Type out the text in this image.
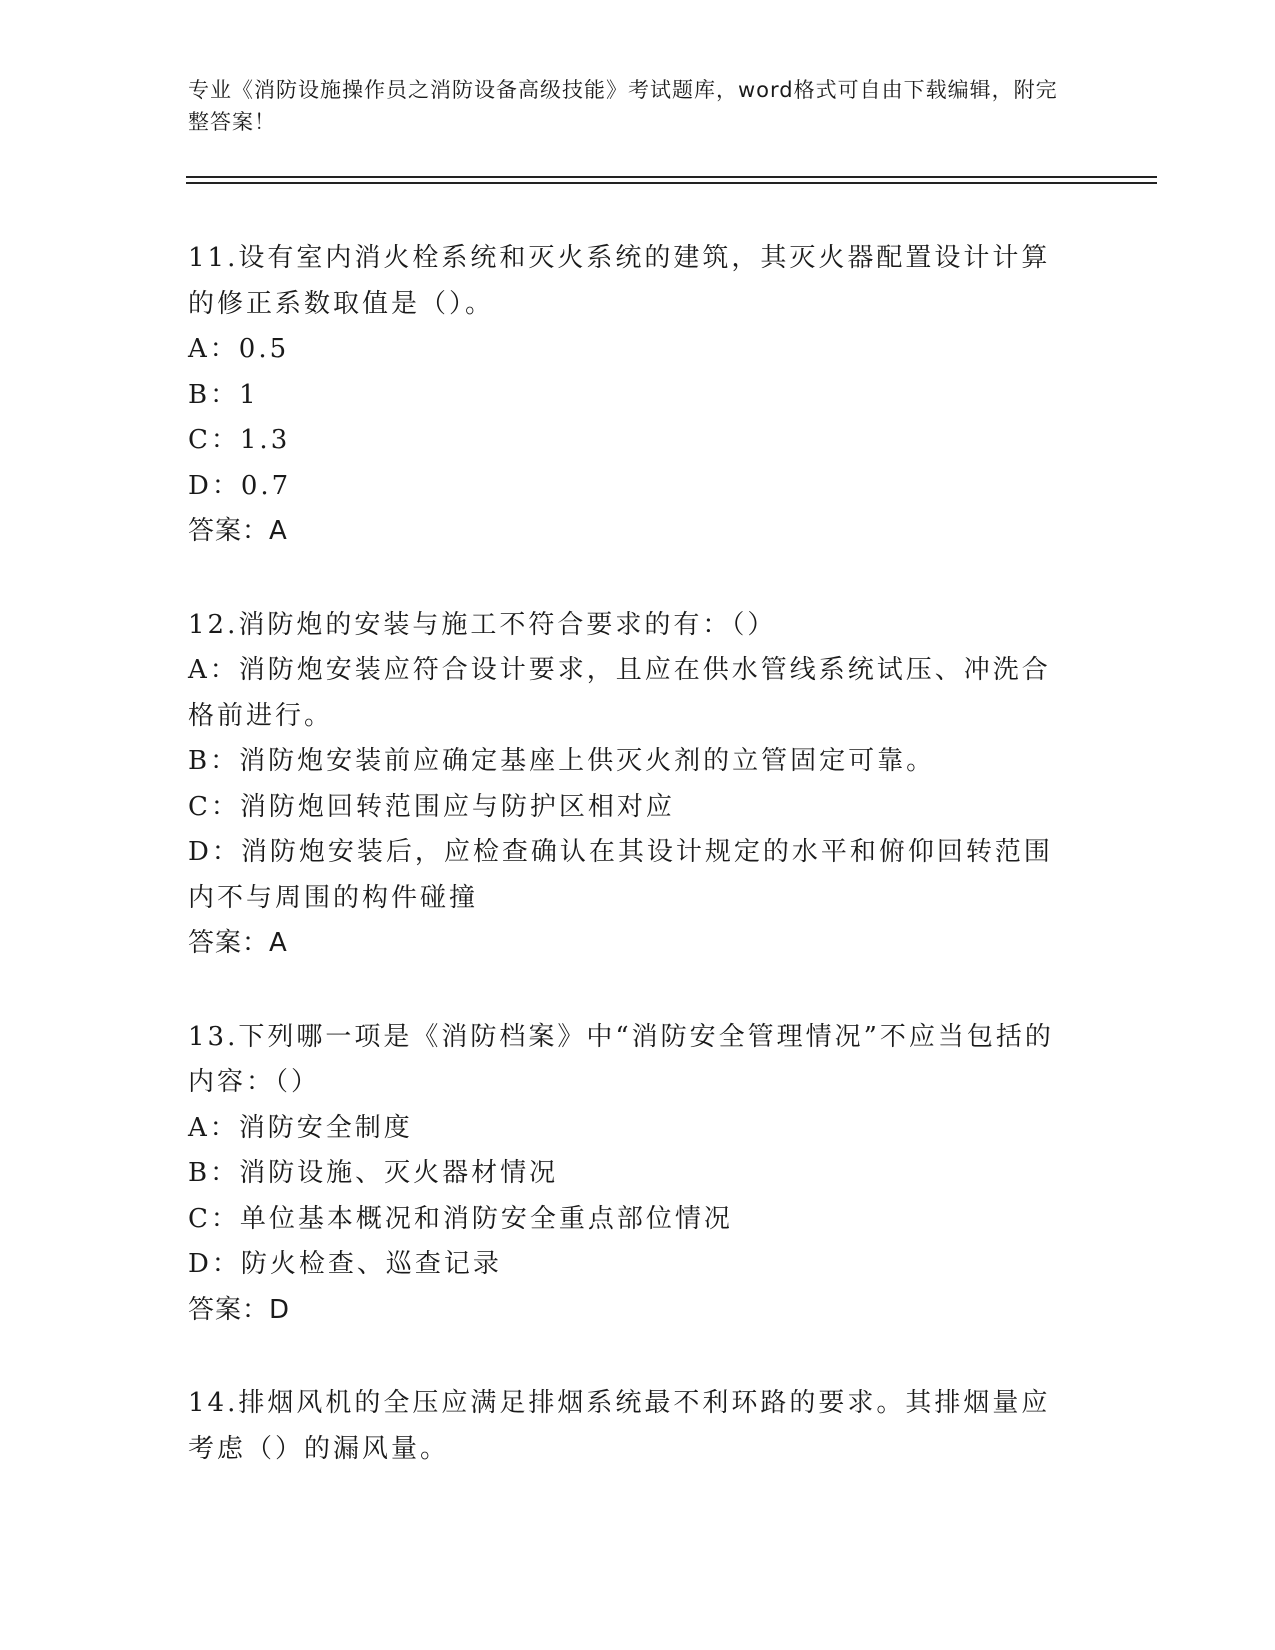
专业《消防设施操作员之消防设备高级技能》考试题库，word格式可自由下载编辑，附完整答案！
11.设有室内消火栓系统和灭火系统的建筑，其灭火器配置设计计算的修正系数取值是（）。
A：0.5
B：1
C：1.3
D：0.7
答案：A
12.消防炮的安装与施工不符合要求的有：（）
A：消防炮安装应符合设计要求，且应在供水管线系统试压、冲洗合格前进行。
B：消防炮安装前应确定基座上供灭火剂的立管固定可靠。
C：消防炮回转范围应与防护区相对应
D：消防炮安装后，应检查确认在其设计规定的水平和俯仰回转范围内不与周围的构件碰撞
答案：A
13.下列哪一项是《消防档案》中“消防安全管理情况”不应当包括的内容：（）
A：消防安全制度
B：消防设施、灭火器材情况
C：单位基本概况和消防安全重点部位情况
D：防火检查、巡查记录
答案：D
14.排烟风机的全压应满足排烟系统最不利环路的要求。其排烟量应考虑（）的漏风量。
